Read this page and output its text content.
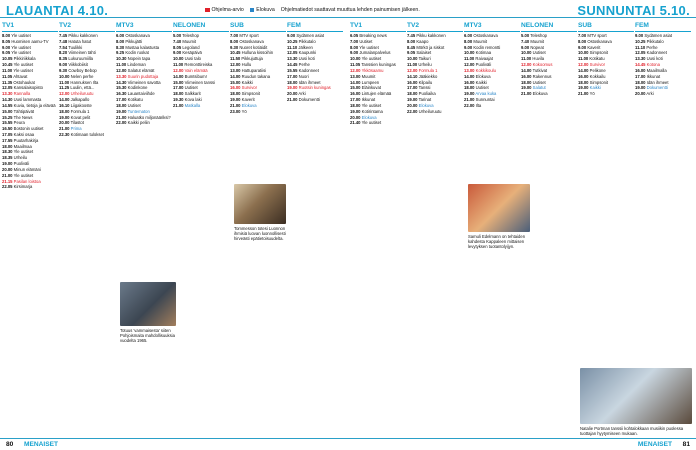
LAUANTAI 4.10.	Ohjelma-arvio Elokuva Ohjelmatiedot saattavat muuttua lehden painumisen jälkeen.	SUNNUNTAI 5.10.
TV1
8.00 Yle uutiset
8.05 Huomisen aamu-TV
9.00 Yle uutiset
9.05 Yle uutiset
10.05 Pikkiriikkala
10.45 Yle uutiset
11.00 Yle uutiset
11.05 Ahtavat
11.35 Ostohaukat
12.05 Kansalaisopisto
13.30 Rannalla
14.30 Uusi lammasta
14.55 Kuvia, tietoja ja elävää
15.00 Tähtipäivät
15.25 The News
15.55 Peura
16.50 Bostonin uutiset
17.05 Kaksi osaa
17.55 Puutarhakirja
18.00 Maailmaa
18.30 Yle uutiset
18.35 Urheilu
19.00 Puoliväli
20.00 Minun elämäni
21.00 Yle uutiset
21.15 Pasilan loistoa
22.05 Kirsimarja
TV2
7.45 Pikku kakkonen
7.48 Hatuta hatut
7.54 Tuulikki
8.20 Viimeinen tähti
8.35 Lukuruumiilla
9.00 Viikkobiisit
9.30 Cowboy Bebop
10.00 Nelen perhe
11.00 Hannuksen Ilta
11.25 Luulin, että...
12.00 Urheiluruutu
14.00 Jalkapallo
16.10 Liigakooste
18.00 Formula 1
19.00 Kovat pelit
20.00 Tilastot
21.00 Prima
22.30 Kotimaan tulokset
MTV3
6.00 Ostoskanava
8.00 Pikkujätti
8.30 Mustaa kalastusta
9.25 Kodin ruokat
10.30 Nopein tapa
11.00 Lindeman
12.00 Salatut elämät
13.30 Suurin pudottaja
14.30 Viimeinen savotta
15.30 Kodinkone
16.30 Lauantaiviihde
17.00 Kotikatu
18.00 Uutiset
19.00 Tuntematon
21.00 Haluatko miljonääriksi?
22.00 Kaikki peliin
NELONEN
5.00 Teleshop
7.40 Muumit
8.05 Legoland
9.00 Kesäpäivä
10.00 Uusi talo
11.00 Remonttireiska
12.00 Vain elämää
14.00 Bumtsibum!
15.00 Viimeinen tanssi
17.00 Uutiset
18.00 Salkkarit
19.30 Kova laki
21.00 Matkalla
SUB
7.00 MTV sport
8.00 Ostoskanava
9.30 Nuoret kotiäidit
10.45 Hulluna kissoihin
11.50 Pikkujuttuja
12.00 Hullu
13.00 Hattuparatiisi
14.00 Ruudun takana
15.00 Kaikki
16.00 Survivor
18.00 Simpsonit
19.00 Kaverit
21.00 Elokuva
23.00 Yö
FEM
9.00 Sydämen asiat
10.25 Pikkutalo
11.10 Jälkeen
12.05 Kaupunki
13.30 Uusi koti
14.45 Perhe
15.55 Kadonneet
17.00 Nuori
18.00 Idän ihmeet
19.00 Ruotsin kuningas
20.00 Arki
21.00 Dokumentti
TV1
6.05 Breaking news
7.00 Uutiset
8.00 Yle uutiset
9.00 Jumalanpalvelus
10.00 Yle uutiset
11.05 Tanssien kuningas
12.00 Ykkösaamu
13.00 Muumit
14.00 Lumpeen
15.00 Eläinkuvat
16.00 Lintujen elämää
17.00 Ikkunat
18.00 Yle uutiset
19.00 Kotirintama
20.00 Elokuva
21.40 Yle uutiset
TV2
7.45 Pikku kakkonen
8.00 Kaapo
8.45 Mörkö ja siskot
9.05 Salaiset
10.00 Taikuri
11.00 Urheilu
12.00 Formula 1
14.10 Jääkiekko
16.00 Kilpailu
17.00 Tanssi
18.00 Puoliaika
19.00 Tarinat
20.00 Elokuva
22.00 Urheiluruutu
MTV3
6.00 Ostoskanava
8.00 Muumit
9.00 Kodin remontti
10.00 Kotimaa
11.00 Raivaajat
12.00 Puoliväli
13.00 Kokkikoulu
14.00 Elokuva
16.00 Kaikki
18.00 Uutiset
19.00 Arvaa kuka
21.00 Sunnuntai
22.00 Ilta
NELONEN
5.00 Teleshop
7.40 Muumit
9.00 Nopeat
10.00 Uutiset
11.00 Huvila
12.00 Kokoomus
14.00 Tutkivat
16.00 Rakennus
18.00 Uutiset
19.00 Salatut
21.00 Elokuva
SUB
7.00 MTV sport
8.00 Ostoskanava
9.00 Kaverit
10.00 Simpsonit
11.00 Kotikatu
12.00 Survivor
14.00 Pelikone
16.00 Kokkailu
18.00 Simpsonit
19.00 Kaikki
21.00 Yö
FEM
9.00 Sydämen asiat
10.25 Pikkutalo
11.10 Perhe
12.05 Kadonneet
13.30 Uusi koti
14.45 Kotona
16.00 Maailmalla
17.00 Ikkunat
18.00 Idän ihmeet
19.00 Dokumentti
20.00 Arki
Totuus 'vammaisesta' siiten Pohjoismaita mahdollisuuksia vuodelta 1965.
Tommesson totesi Luonnon ihmisiä luovan luonnollisesti hirveästi epätietoisuudelta.	Samuli Edelmann on tehtaiden kahdesta Kappaleen mittaisen levytyksen tuotantolyijyn.
Natalie Portman tanssii kohtalokkaan musiikin puolessa tuottajan hyytymiseen mukaan.
80 MENAISET	MENAISET 81
